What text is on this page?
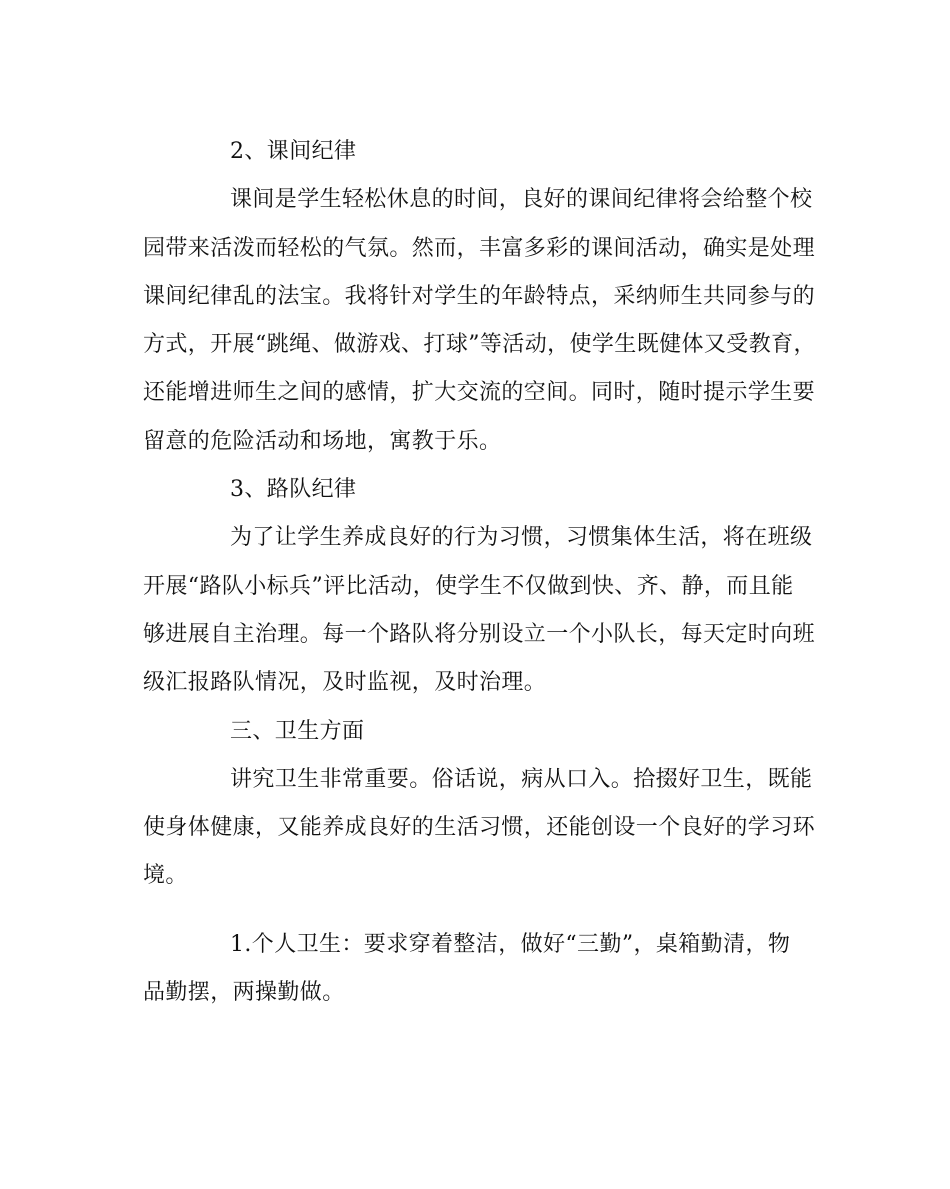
2、课间纪律
课间是学生轻松休息的时间，良好的课间纪律将会给整个校
园带来活泼而轻松的气氛。然而，丰富多彩的课间活动，确实是处理
课间纪律乱的法宝。我将针对学生的年龄特点，采纳师生共同参与的
方式，开展“跳绳、做游戏、打球”等活动，使学生既健体又受教育，
还能增进师生之间的感情，扩大交流的空间。同时，随时提示学生要
留意的危险活动和场地，寓教于乐。
3、路队纪律
为了让学生养成良好的行为习惯，习惯集体生活，将在班级
开展“路队小标兵”评比活动，使学生不仅做到快、齐、静，而且能
够进展自主治理。每一个路队将分别设立一个小队长，每天定时向班
级汇报路队情况，及时监视，及时治理。
三、卫生方面
讲究卫生非常重要。俗话说，病从口入。拾掇好卫生，既能
使身体健康，又能养成良好的生活习惯，还能创设一个良好的学习环
境。
1.个人卫生：要求穿着整洁，做好“三勤”，桌箱勤清，物
品勤摆，两操勤做。
